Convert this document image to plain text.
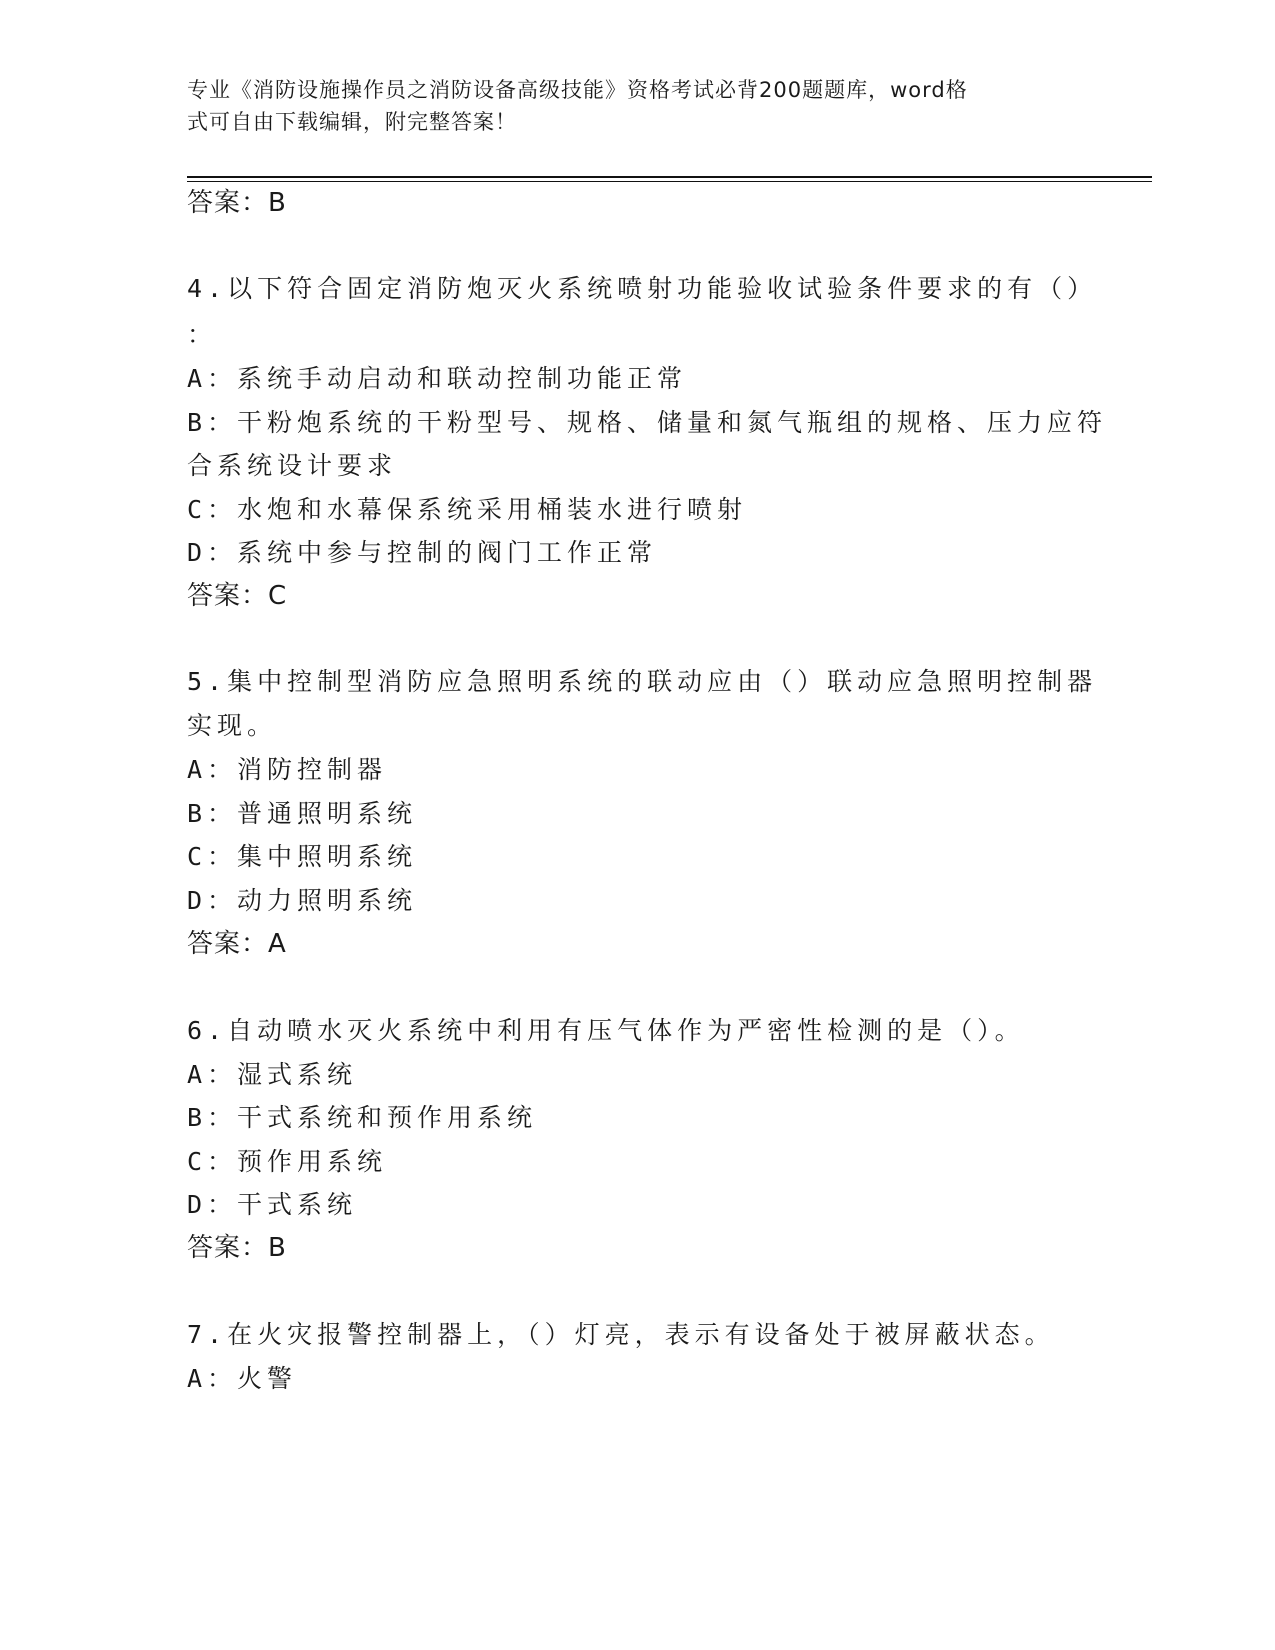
专业《消防设施操作员之消防设备高级技能》资格考试必背200题题库，word格
式可自由下载编辑，附完整答案！
答案：B
4.以下符合固定消防炮灭火系统喷射功能验收试验条件要求的有（）
：
A：系统手动启动和联动控制功能正常
B：干粉炮系统的干粉型号、规格、储量和氮气瓶组的规格、压力应符
合系统设计要求
C：水炮和水幕保系统采用桶装水进行喷射
D：系统中参与控制的阀门工作正常
答案：C
5.集中控制型消防应急照明系统的联动应由（）联动应急照明控制器
实现。
A：消防控制器
B：普通照明系统
C：集中照明系统
D：动力照明系统
答案：A
6.自动喷水灭火系统中利用有压气体作为严密性检测的是（）。
A：湿式系统
B：干式系统和预作用系统
C：预作用系统
D：干式系统
答案：B
7.在火灾报警控制器上，（）灯亮，表示有设备处于被屏蔽状态。
A：火警
